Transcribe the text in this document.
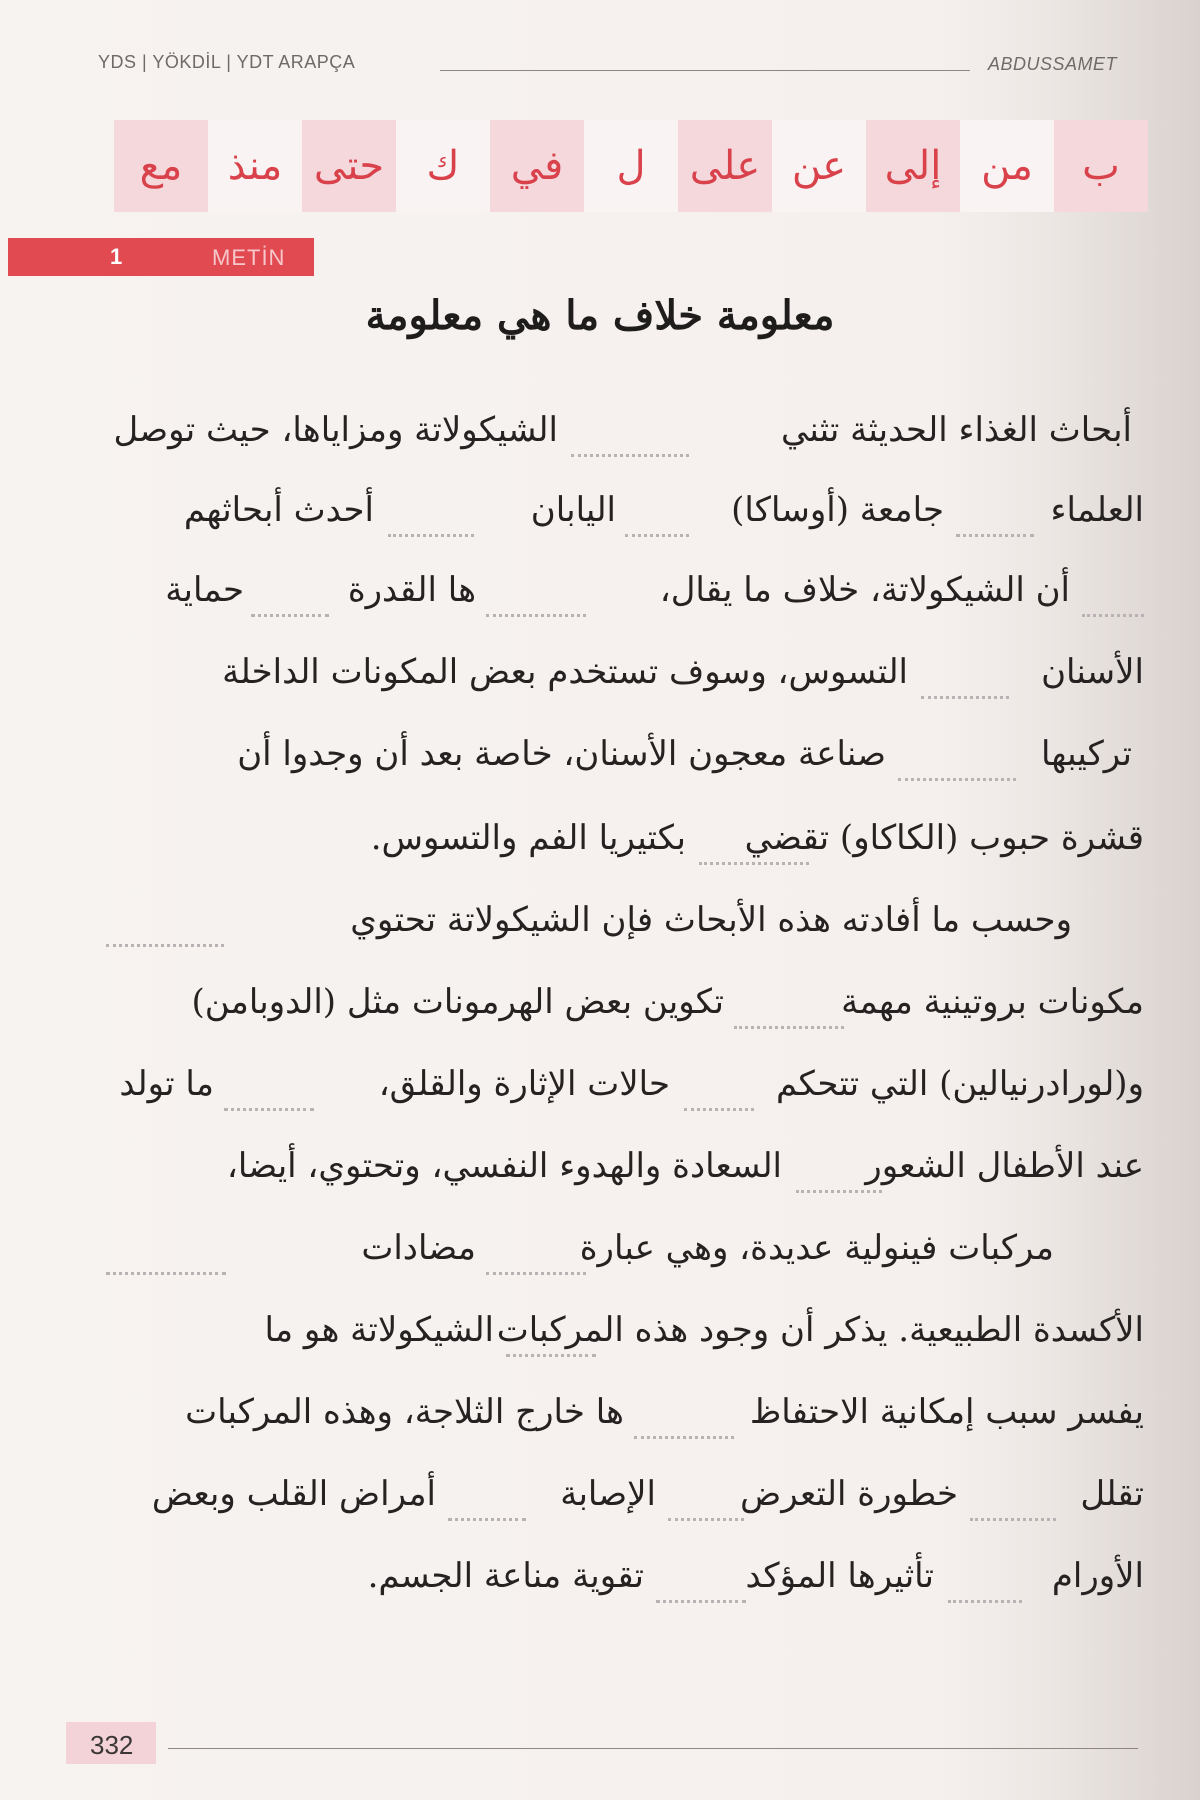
YDS | YÖKDİL | YDT ARAPÇA	ABDUSSAMET
ب
من
إلى
عن
على
ل
في
ك
حتى
منذ
مع
1	METİN
معلومة خلاف ما هي معلومة
أبحاث الغذاء الحديثة تثني
الشيكولاتة ومزاياها، حيث توصل
العلماء
جامعة (أوساكا)
اليابان
أحدث أبحاثهم
أن الشيكولاتة، خلاف ما يقال،
ها القدرة
حماية
الأسنان
التسوس، وسوف تستخدم بعض المكونات الداخلة
تركيبها
صناعة معجون الأسنان، خاصة بعد أن وجدوا أن
قشرة حبوب (الكاكاو) تقضي
بكتيريا الفم والتسوس.
وحسب ما أفادته هذه الأبحاث فإن الشيكولاتة تحتوي
مكونات بروتينية مهمة
تكوين بعض الهرمونات مثل (الدوبامن)
و(لورادرنيالين) التي تتحكم
حالات الإثارة والقلق،
ما تولد
عند الأطفال الشعور
السعادة والهدوء النفسي، وتحتوي، أيضا،
مركبات فينولية عديدة، وهي عبارة
مضادات
الأكسدة الطبيعية. يذكر أن وجود هذه المركبات
الشيكولاتة هو ما
يفسر سبب إمكانية الاحتفاظ
ها خارج الثلاجة، وهذه المركبات
تقلل
خطورة التعرض
الإصابة
أمراض القلب وبعض
الأورام
تأثيرها المؤكد
تقوية مناعة الجسم.
332
